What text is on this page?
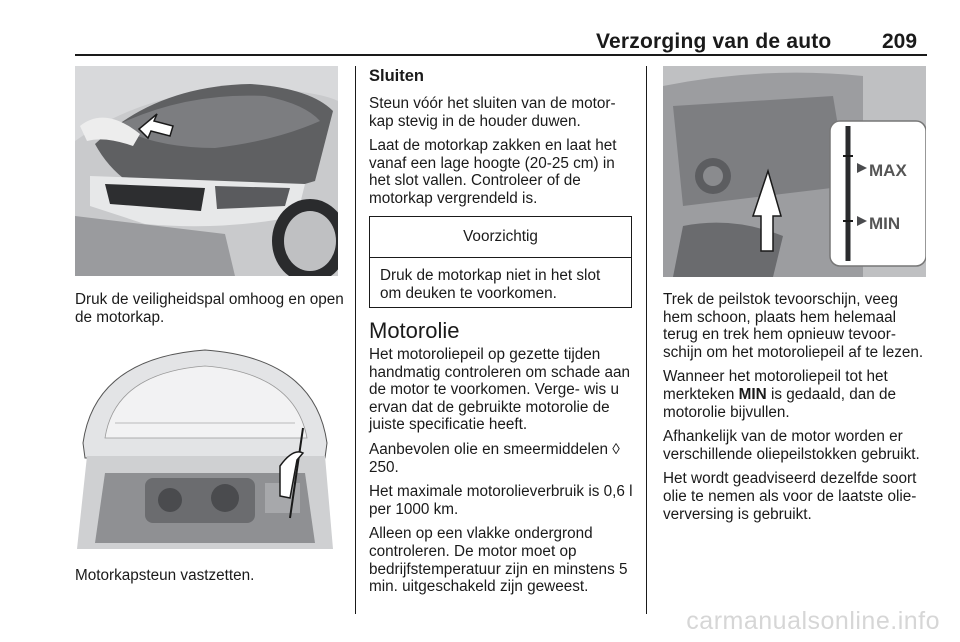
Verzorging van de auto 209

Druk de veiligheidspal omhoog en open de motorkap.

Motorkapsteun vastzetten.

Sluiten

Steun vóór het sluiten van de motor- kap stevig in de houder duwen.

Laat de motorkap zakken en laat het vanaf een lage hoogte (20-25 cm) in het slot vallen. Controleer of de motorkap vergrendeld is.

Voorzichtig
Druk de motorkap niet in het slot om deuken te voorkomen.
Motorolie

Het motoroliepeil op gezette tijden handmatig controleren om schade aan de motor te voorkomen. Verge- wis u ervan dat de gebruikte motorolie de juiste specificatie heeft.

Aanbevolen olie en smeermiddelen ◊ 250.

Het maximale motorolieverbruik is 0,6 l per 1000 km.

Alleen op een vlakke ondergrond controleren. De motor moet op bedrijfstemperatuur zijn en minstens 5 min. uitgeschakeld zijn geweest.

MAX
MIN

Trek de peilstok tevoorschijn, veeg hem schoon, plaats hem helemaal terug en trek hem opnieuw tevoor- schijn om het motoroliepeil af te lezen.

Wanneer het motoroliepeil tot het merkteken MIN is gedaald, dan de motorolie bijvullen.

Afhankelijk van de motor worden er verschillende oliepeilstokken gebruikt.

Het wordt geadviseerd dezelfde soort olie te nemen als voor de laatste olie- verversing is gebruikt.

carmanualsonline.info
